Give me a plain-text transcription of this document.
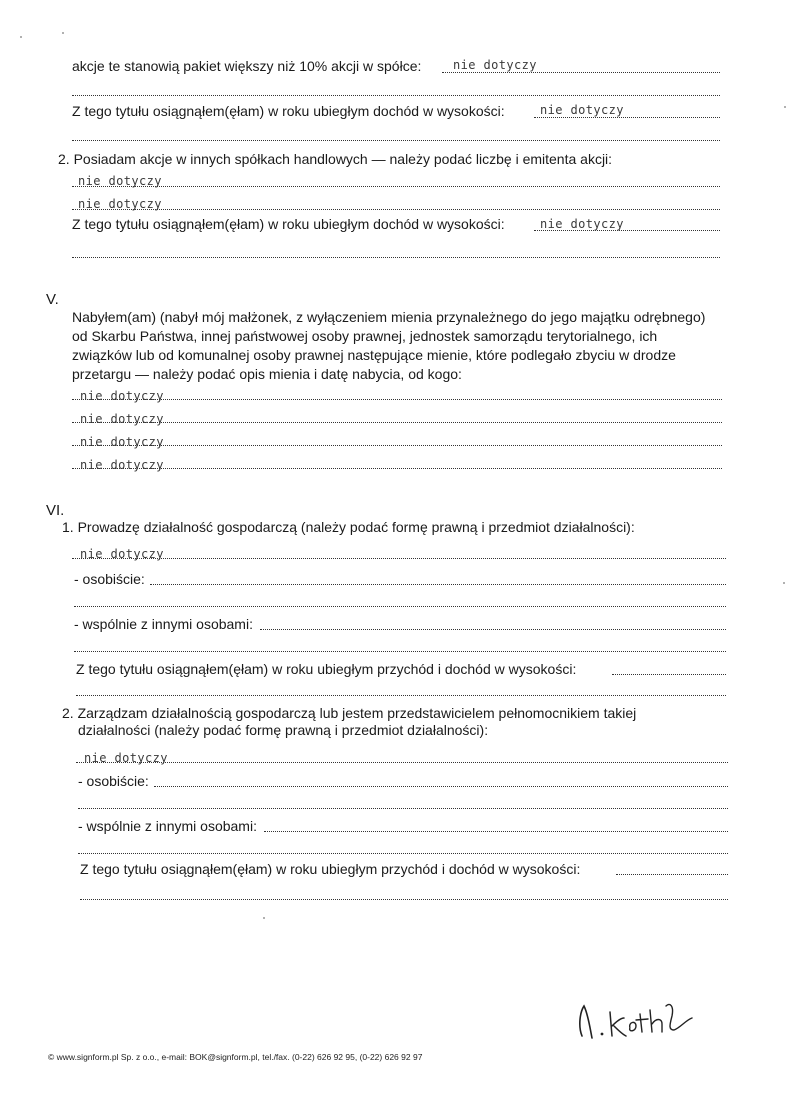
akcje te stanowią pakiet większy niż 10% akcji w spółce:	nie dotyczy
Z tego tytułu osiągnąłem(ęłam) w roku ubiegłym dochód w wysokości:	nie dotyczy
2. Posiadam akcje w innych spółkach handlowych — należy podać liczbę i emitenta akcji:
nie dotyczy
nie dotyczy
Z tego tytułu osiągnąłem(ęłam) w roku ubiegłym dochód w wysokości:	nie dotyczy
V.
Nabyłem(am) (nabył mój małżonek, z wyłączeniem mienia przynależnego do jego majątku odrębnego) od Skarbu Państwa, innej państwowej osoby prawnej, jednostek samorządu terytorialnego, ich związków lub od komunalnej osoby prawnej następujące mienie, które podlegało zbyciu w drodze przetargu — należy podać opis mienia i datę nabycia, od kogo:
nie dotyczy
nie dotyczy
nie dotyczy
nie dotyczy
VI.
1. Prowadzę działalność gospodarczą (należy podać formę prawną i przedmiot działalności):
nie dotyczy
- osobiście:
- wspólnie z innymi osobami:
Z tego tytułu osiągnąłem(ęłam) w roku ubiegłym przychód i dochód w wysokości:
2. Zarządzam działalnością gospodarczą lub jestem przedstawicielem pełnomocnikiem takiej
działalności (należy podać formę prawną i przedmiot działalności):
nie dotyczy
- osobiście:
- wspólnie z innymi osobami:
Z tego tytułu osiągnąłem(ęłam) w roku ubiegłym przychód i dochód w wysokości:
© www.signform.pl Sp. z o.o., e-mail: BOK@signform.pl, tel./fax. (0-22) 626 92 95, (0-22) 626 92 97
